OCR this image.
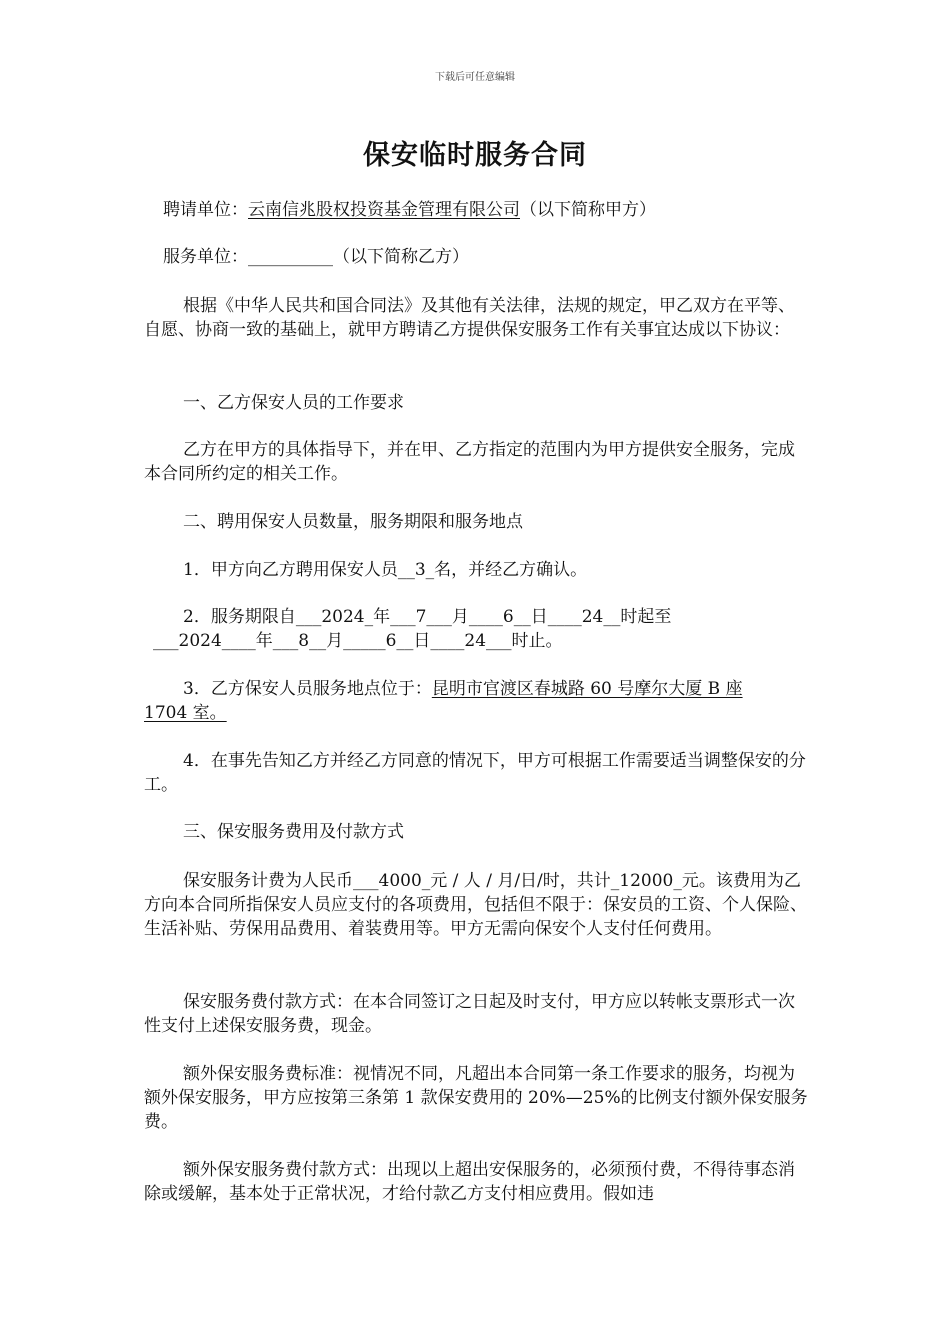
下载后可任意编辑
保安临时服务合同

聘请单位：云南信兆股权投资基金管理有限公司（以下简称甲方）

服务单位：__________（以下简称乙方）

根据《中华人民共和国合同法》及其他有关法律，法规的规定，甲乙双方在平等、自愿、协商一致的基础上，就甲方聘请乙方提供保安服务工作有关事宜达成以下协议：

一、乙方保安人员的工作要求

乙方在甲方的具体指导下，并在甲、乙方指定的范围内为甲方提供安全服务，完成本合同所约定的相关工作。

二、聘用保安人员数量，服务期限和服务地点

1．甲方向乙方聘用保安人员__3_名，并经乙方确认。

2．服务期限自___2024_年___7___月____6__日____24__时起至

___2024____年___8__月_____6__日____24___时止。

3．乙方保安人员服务地点位于：昆明市官渡区春城路 60 号摩尔大厦 B 座
1704 室。

4．在事先告知乙方并经乙方同意的情况下，甲方可根据工作需要适当调整保安的分工。

三、保安服务费用及付款方式

保安服务计费为人民币___4000_元 / 人 / 月/日/时，共计_12000_元。该费用为乙方向本合同所指保安人员应支付的各项费用，包括但不限于：保安员的工资、个人保险、生活补贴、劳保用品费用、着装费用等。甲方无需向保安个人支付任何费用。

保安服务费付款方式：在本合同签订之日起及时支付，甲方应以转帐支票形式一次性支付上述保安服务费，现金。

额外保安服务费标准：视情况不同，凡超出本合同第一条工作要求的服务，均视为额外保安服务，甲方应按第三条第 1 款保安费用的 20%—25%的比例支付额外保安服务费。

额外保安服务费付款方式：出现以上超出安保服务的，必须预付费，不得待事态消除或缓解，基本处于正常状况，才给付款乙方支付相应费用。假如违
